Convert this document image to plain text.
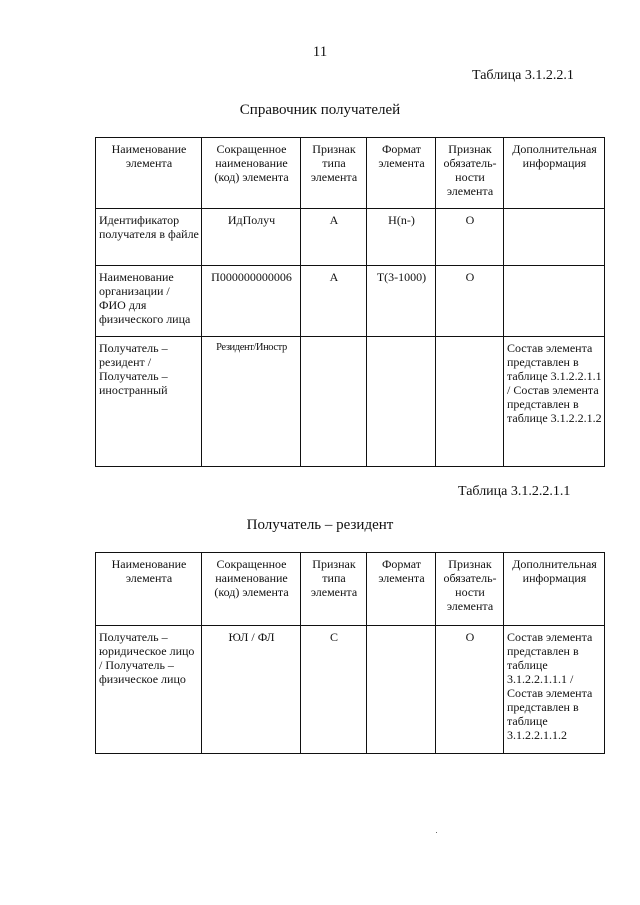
11
Таблица 3.1.2.2.1
Справочник получателей
Наименование элемента	Сокращенное наименование (код) элемента	Признак типа элемента	Формат элемента	Признак обязатель-ности элемента	Дополнительная информация
Идентификатор получателя в файле	ИдПолуч	А	Н(n-)	О	
Наименование организации / ФИО для физического лица	П000000000006	А	Т(3-1000)	О	
Получатель – резидент / Получатель – иностранный	Резидент/Иностр				Состав элемента представлен в таблице 3.1.2.2.1.1 / Состав элемента представлен в таблице 3.1.2.2.1.2
Таблица 3.1.2.2.1.1
Получатель – резидент
Наименование элемента	Сокращенное наименование (код) элемента	Признак типа элемента	Формат элемента	Признак обязатель-ности элемента	Дополнительная информация
Получатель – юридическое лицо / Получатель – физическое лицо	ЮЛ / ФЛ	С		О	Состав элемента представлен в таблице 3.1.2.2.1.1.1 / Состав элемента представлен в таблице 3.1.2.2.1.1.2
